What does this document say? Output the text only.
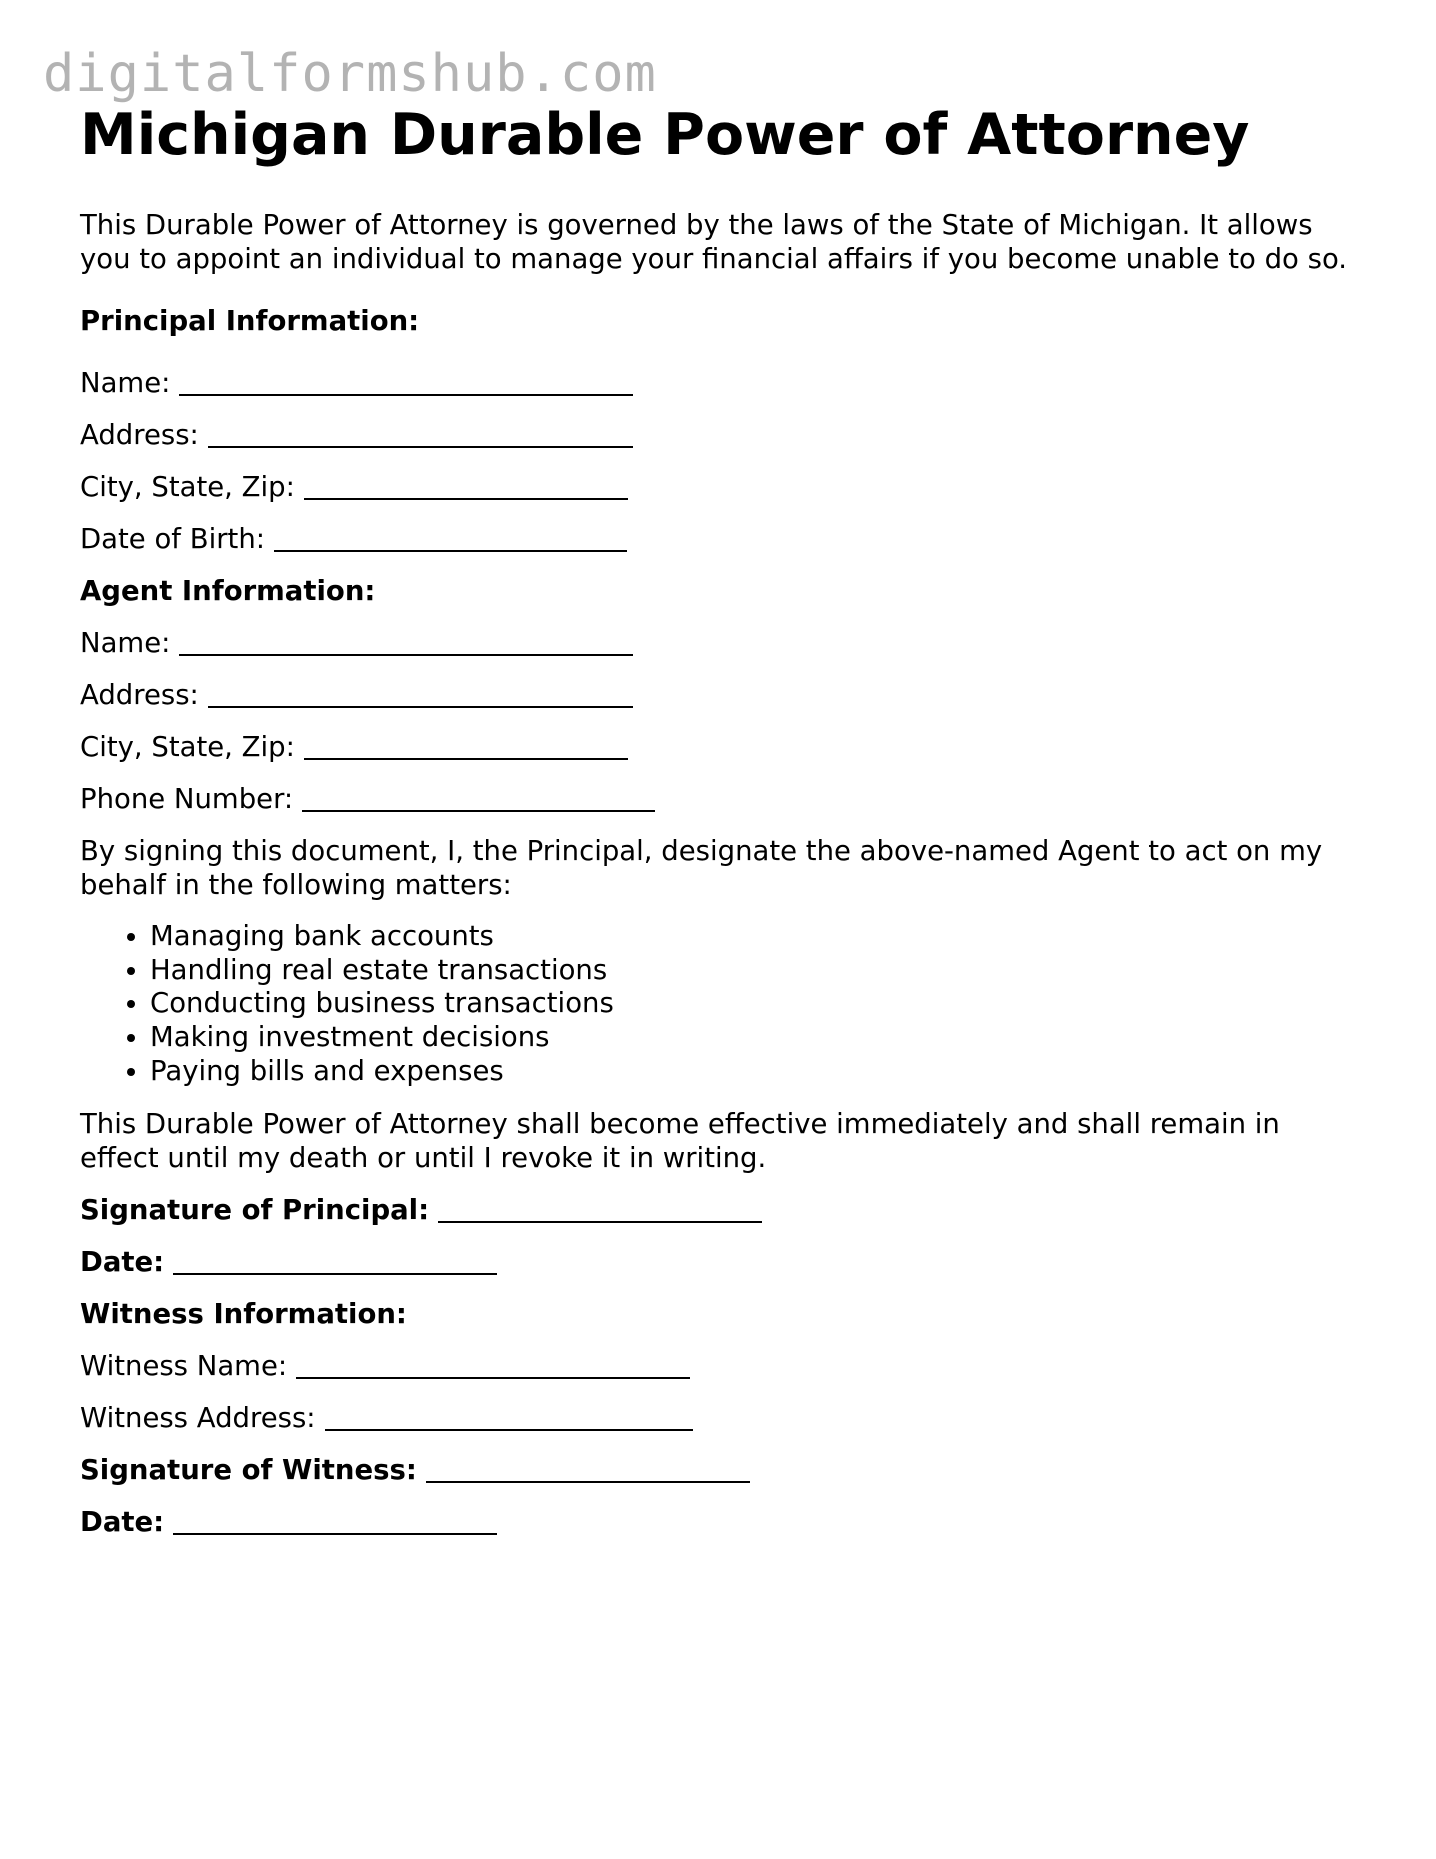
digitalformshub.com
Michigan Durable Power of Attorney

This Durable Power of Attorney is governed by the laws of the State of Michigan. It allows you to appoint an individual to manage your financial affairs if you become unable to do so.

Principal Information:

Name:

Address:

City, State, Zip:

Date of Birth:

Agent Information:

Name:

Address:

City, State, Zip:

Phone Number:

By signing this document, I, the Principal, designate the above-named Agent to act on my behalf in the following matters:

• Managing bank accounts
• Handling real estate transactions
• Conducting business transactions
• Making investment decisions
• Paying bills and expenses

This Durable Power of Attorney shall become effective immediately and shall remain in effect until my death or until I revoke it in writing.

Signature of Principal:

Date:

Witness Information:

Witness Name:

Witness Address:

Signature of Witness:

Date:
